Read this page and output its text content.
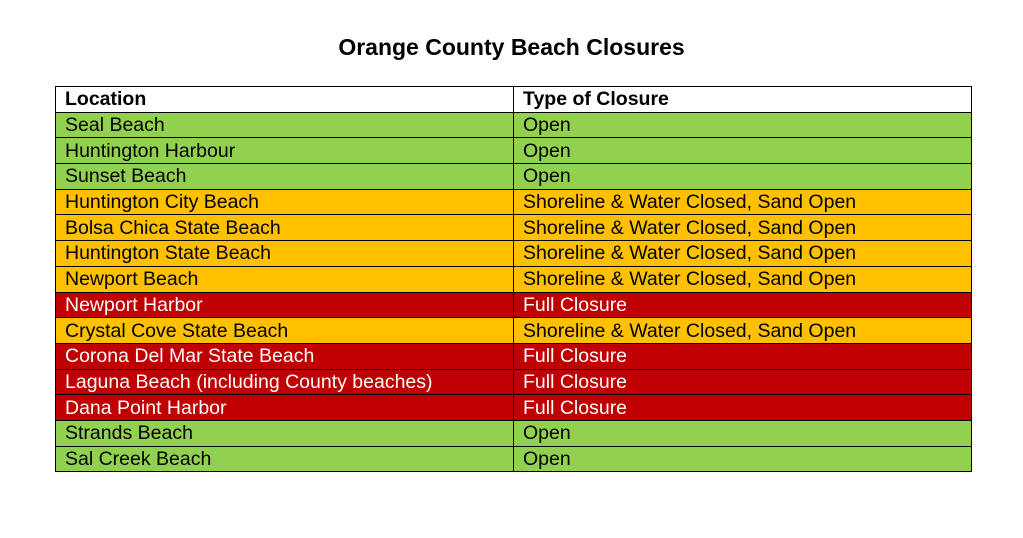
Orange County Beach Closures
Location	Type of Closure
Seal Beach	Open
Huntington Harbour	Open
Sunset Beach	Open
Huntington City Beach	Shoreline & Water Closed, Sand Open
Bolsa Chica State Beach	Shoreline & Water Closed, Sand Open
Huntington State Beach	Shoreline & Water Closed, Sand Open
Newport Beach	Shoreline & Water Closed, Sand Open
Newport Harbor	Full Closure
Crystal Cove State Beach	Shoreline & Water Closed, Sand Open
Corona Del Mar State Beach	Full Closure
Laguna Beach (including County beaches)	Full Closure
Dana Point Harbor	Full Closure
Strands Beach	Open
Sal Creek Beach	Open
